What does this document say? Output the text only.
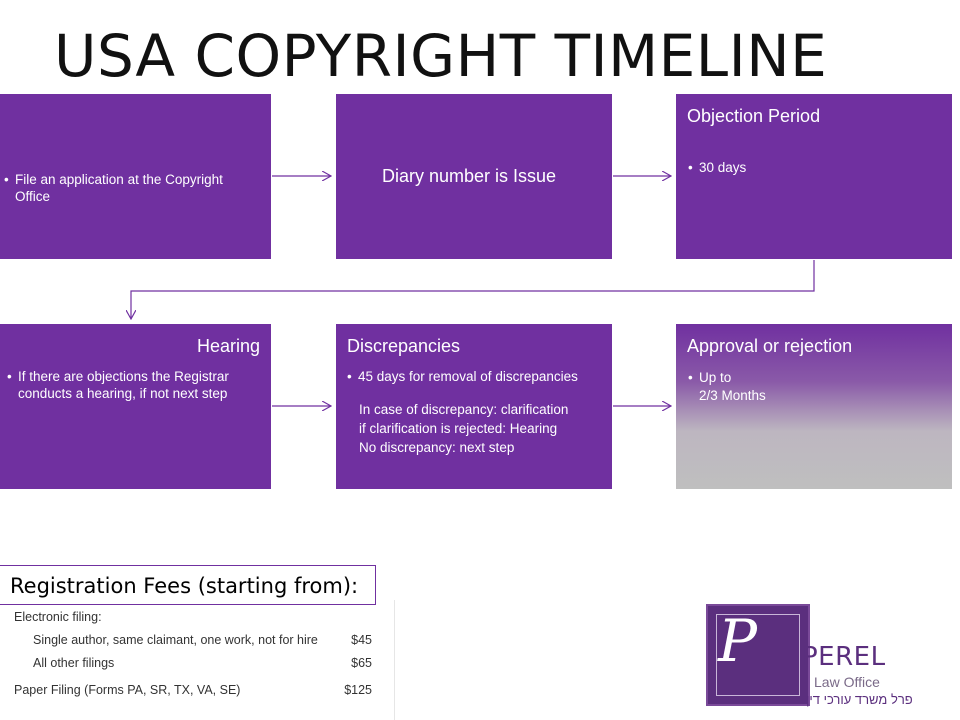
USA COPYRIGHT TIMELINE
• File an application at the Copyright Office
Diary number is Issue
Objection Period
• 30 days
Hearing
• If there are objections the Registrar conducts a hearing, if not next step
Discrepancies
• 45 days for removal of discrepancies
In case of discrepancy: clarification
if clarification is rejected: Hearing
No discrepancy: next step
Approval or rejection
• Up to
2/3 Months
Electronic filing:
Single author, same claimant, one work, not for hire	$45
All other filings	$65
Paper Filing (Forms PA, SR, TX, VA, SE)	$125
Registration Fees (starting from):
P PEREL
Law Office
פרל משרד עורכי דין
